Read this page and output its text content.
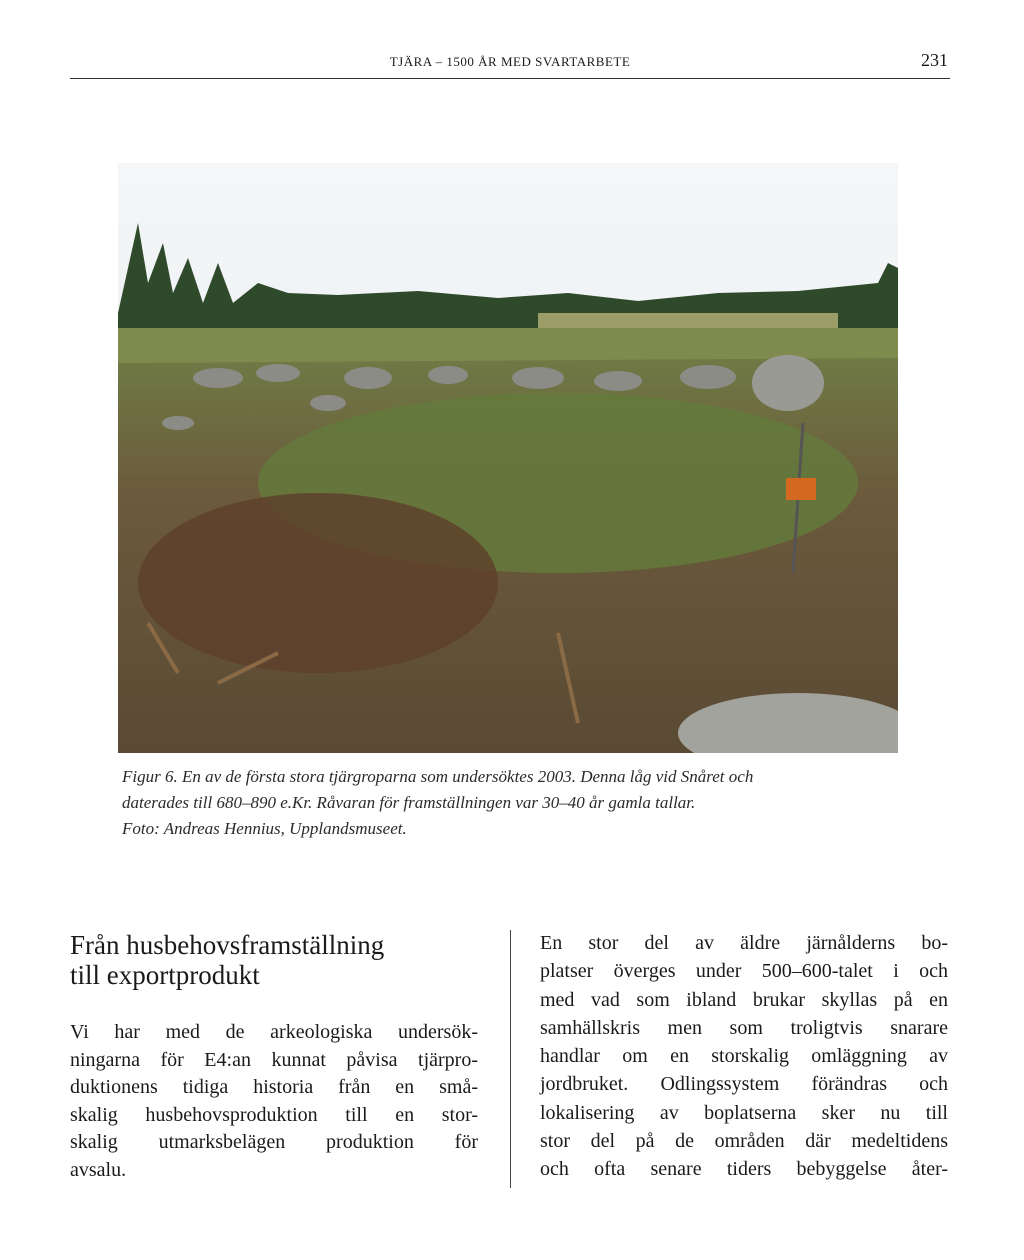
TJÄRA – 1500 ÅR MED SVARTARBETE	231
Figur 6. En av de första stora tjärgroparna som undersöktes 2003. Denna låg vid Snåret och
daterades till 680–890 e.Kr. Råvaran för framställningen var 30–40 år gamla tallar.
Foto: Andreas Hennius, Upplandsmuseet.
Från husbehovsframställning
till exportprodukt
Vi har med de arkeologiska undersök-
ningarna för E4:an kunnat påvisa tjärpro-
duktionens tidiga historia från en små-
skalig husbehovsproduktion till en stor-
skalig utmarksbelägen produktion för
avsalu.
En stor del av äldre järnålderns bo-
platser överges under 500–600-talet i och
med vad som ibland brukar skyllas på en
samhällskris men som troligtvis snarare
handlar om en storskalig omläggning av
jordbruket. Odlingssystem förändras och
lokalisering av boplatserna sker nu till
stor del på de områden där medeltidens
och ofta senare tiders bebyggelse åter-
